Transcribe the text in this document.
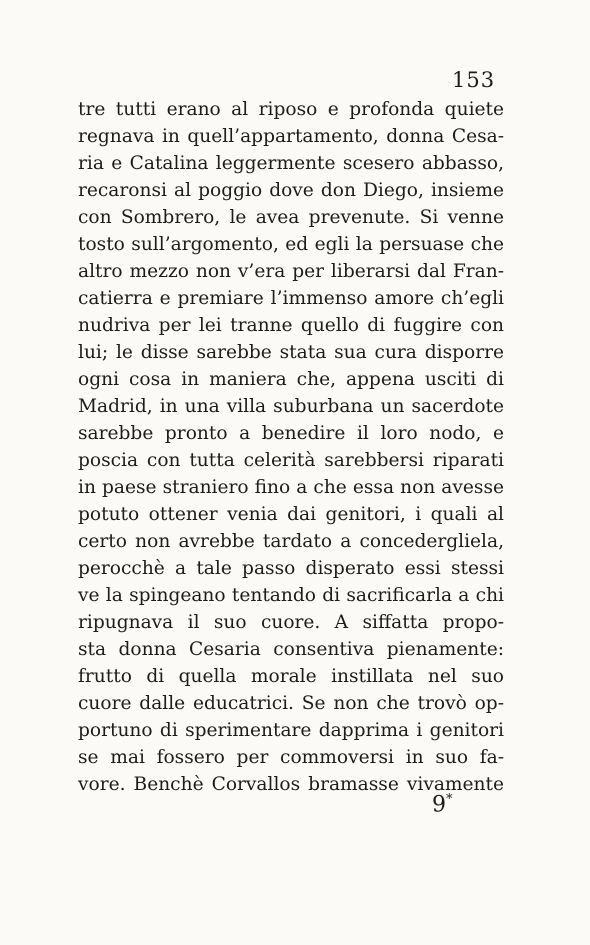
153
tre tutti erano al riposo e profonda quiete
regnava in quell’appartamento, donna Cesa-
ria e Catalina leggermente scesero abbasso,
recaronsi al poggio dove don Diego, insieme
con Sombrero, le avea prevenute. Si venne
tosto sull’argomento, ed egli la persuase che
altro mezzo non v’era per liberarsi dal Fran-
catierra e premiare l’immenso amore ch’egli
nudriva per lei tranne quello di fuggire con
lui; le disse sarebbe stata sua cura disporre
ogni cosa in maniera che, appena usciti di
Madrid, in una villa suburbana un sacerdote
sarebbe pronto a benedire il loro nodo, e
poscia con tutta celerità sarebbersi riparati
in paese straniero fino a che essa non avesse
potuto ottener venia dai genitori, i quali al
certo non avrebbe tardato a concedergliela,
perocchè a tale passo disperato essi stessi
ve la spingeano tentando di sacrificarla a chi
ripugnava il suo cuore. A siffatta propo-
sta donna Cesaria consentiva pienamente:
frutto di quella morale instillata nel suo
cuore dalle educatrici. Se non che trovò op-
portuno di sperimentare dapprima i genitori
se mai fossero per commoversi in suo fa-
vore. Benchè Corvallos bramasse vivamente
9*
